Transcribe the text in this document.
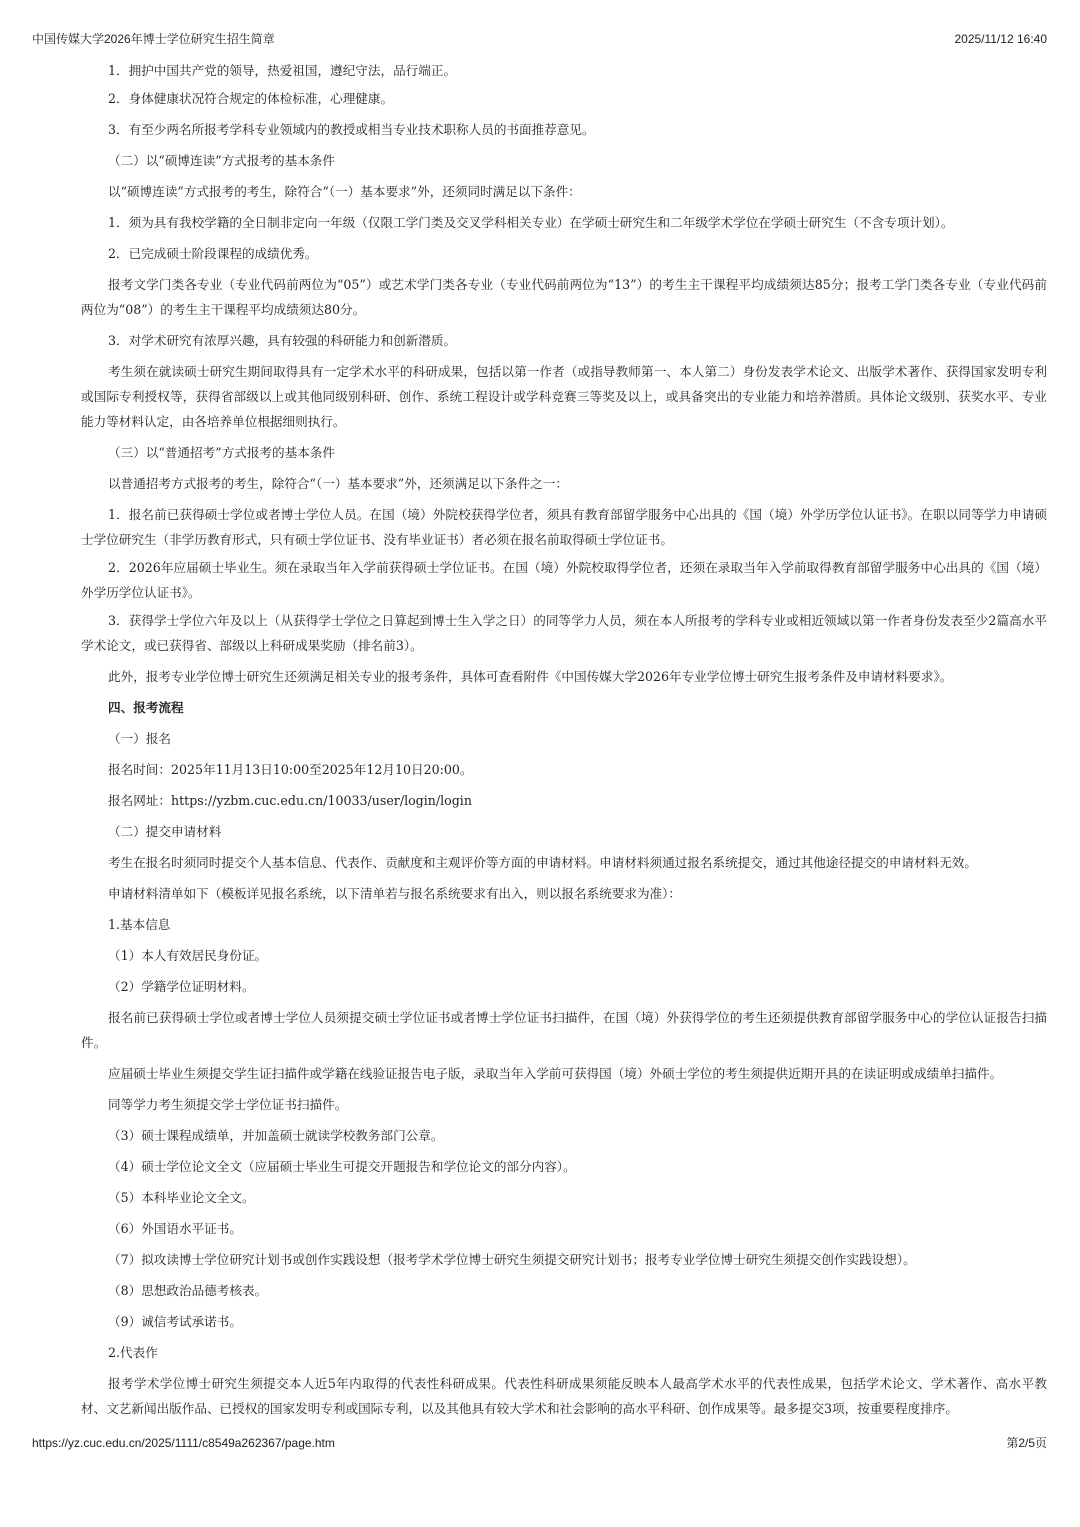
中国传媒大学2026年博士学位研究生招生简章	2025/11/12 16:40
1．拥护中国共产党的领导，热爱祖国，遵纪守法，品行端正。
2．身体健康状况符合规定的体检标准，心理健康。
3．有至少两名所报考学科专业领域内的教授或相当专业技术职称人员的书面推荐意见。
（二）以“硕博连读”方式报考的基本条件
以“硕博连读”方式报考的考生，除符合“（一）基本要求”外，还须同时满足以下条件：
1．须为具有我校学籍的全日制非定向一年级（仅限工学门类及交叉学科相关专业）在学硕士研究生和二年级学术学位在学硕士研究生（不含专项计划）。
2．已完成硕士阶段课程的成绩优秀。
报考文学门类各专业（专业代码前两位为“05”）或艺术学门类各专业（专业代码前两位为“13”）的考生主干课程平均成绩须达85分；报考工学门类各专业（专业代码前两位为“08”）的考生主干课程平均成绩须达80分。
3．对学术研究有浓厚兴趣，具有较强的科研能力和创新潜质。
考生须在就读硕士研究生期间取得具有一定学术水平的科研成果，包括以第一作者（或指导教师第一、本人第二）身份发表学术论文、出版学术著作、获得国家发明专利或国际专利授权等，获得省部级以上或其他同级别科研、创作、系统工程设计或学科竞赛三等奖及以上，或具备突出的专业能力和培养潜质。具体论文级别、获奖水平、专业能力等材料认定，由各培养单位根据细则执行。
（三）以“普通招考”方式报考的基本条件
以普通招考方式报考的考生，除符合“（一）基本要求”外，还须满足以下条件之一：
1．报名前已获得硕士学位或者博士学位人员。在国（境）外院校获得学位者，须具有教育部留学服务中心出具的《国（境）外学历学位认证书》。在职以同等学力申请硕士学位研究生（非学历教育形式，只有硕士学位证书、没有毕业证书）者必须在报名前取得硕士学位证书。
2．2026年应届硕士毕业生。须在录取当年入学前获得硕士学位证书。在国（境）外院校取得学位者，还须在录取当年入学前取得教育部留学服务中心出具的《国（境）外学历学位认证书》。
3．获得学士学位六年及以上（从获得学士学位之日算起到博士生入学之日）的同等学力人员，须在本人所报考的学科专业或相近领域以第一作者身份发表至少2篇高水平学术论文，或已获得省、部级以上科研成果奖励（排名前3）。
此外，报考专业学位博士研究生还须满足相关专业的报考条件，具体可查看附件《中国传媒大学2026年专业学位博士研究生报考条件及申请材料要求》。
四、报考流程
（一）报名
报名时间：2025年11月13日10:00至2025年12月10日20:00。
报名网址：https://yzbm.cuc.edu.cn/10033/user/login/login
（二）提交申请材料
考生在报名时须同时提交个人基本信息、代表作、贡献度和主观评价等方面的申请材料。申请材料须通过报名系统提交，通过其他途径提交的申请材料无效。
申请材料清单如下（模板详见报名系统，以下清单若与报名系统要求有出入，则以报名系统要求为准）：
1.基本信息
（1）本人有效居民身份证。
（2）学籍学位证明材料。
报名前已获得硕士学位或者博士学位人员须提交硕士学位证书或者博士学位证书扫描件，在国（境）外获得学位的考生还须提供教育部留学服务中心的学位认证报告扫描件。
应届硕士毕业生须提交学生证扫描件或学籍在线验证报告电子版，录取当年入学前可获得国（境）外硕士学位的考生须提供近期开具的在读证明或成绩单扫描件。
同等学力考生须提交学士学位证书扫描件。
（3）硕士课程成绩单，并加盖硕士就读学校教务部门公章。
（4）硕士学位论文全文（应届硕士毕业生可提交开题报告和学位论文的部分内容）。
（5）本科毕业论文全文。
（6）外国语水平证书。
（7）拟攻读博士学位研究计划书或创作实践设想（报考学术学位博士研究生须提交研究计划书；报考专业学位博士研究生须提交创作实践设想）。
（8）思想政治品德考核表。
（9）诚信考试承诺书。
2.代表作
报考学术学位博士研究生须提交本人近5年内取得的代表性科研成果。代表性科研成果须能反映本人最高学术水平的代表性成果，包括学术论文、学术著作、高水平教材、文艺新闻出版作品、已授权的国家发明专利或国际专利，以及其他具有较大学术和社会影响的高水平科研、创作成果等。最多提交3项，按重要程度排序。
https://yz.cuc.edu.cn/2025/1111/c8549a262367/page.htm	第2/5页
